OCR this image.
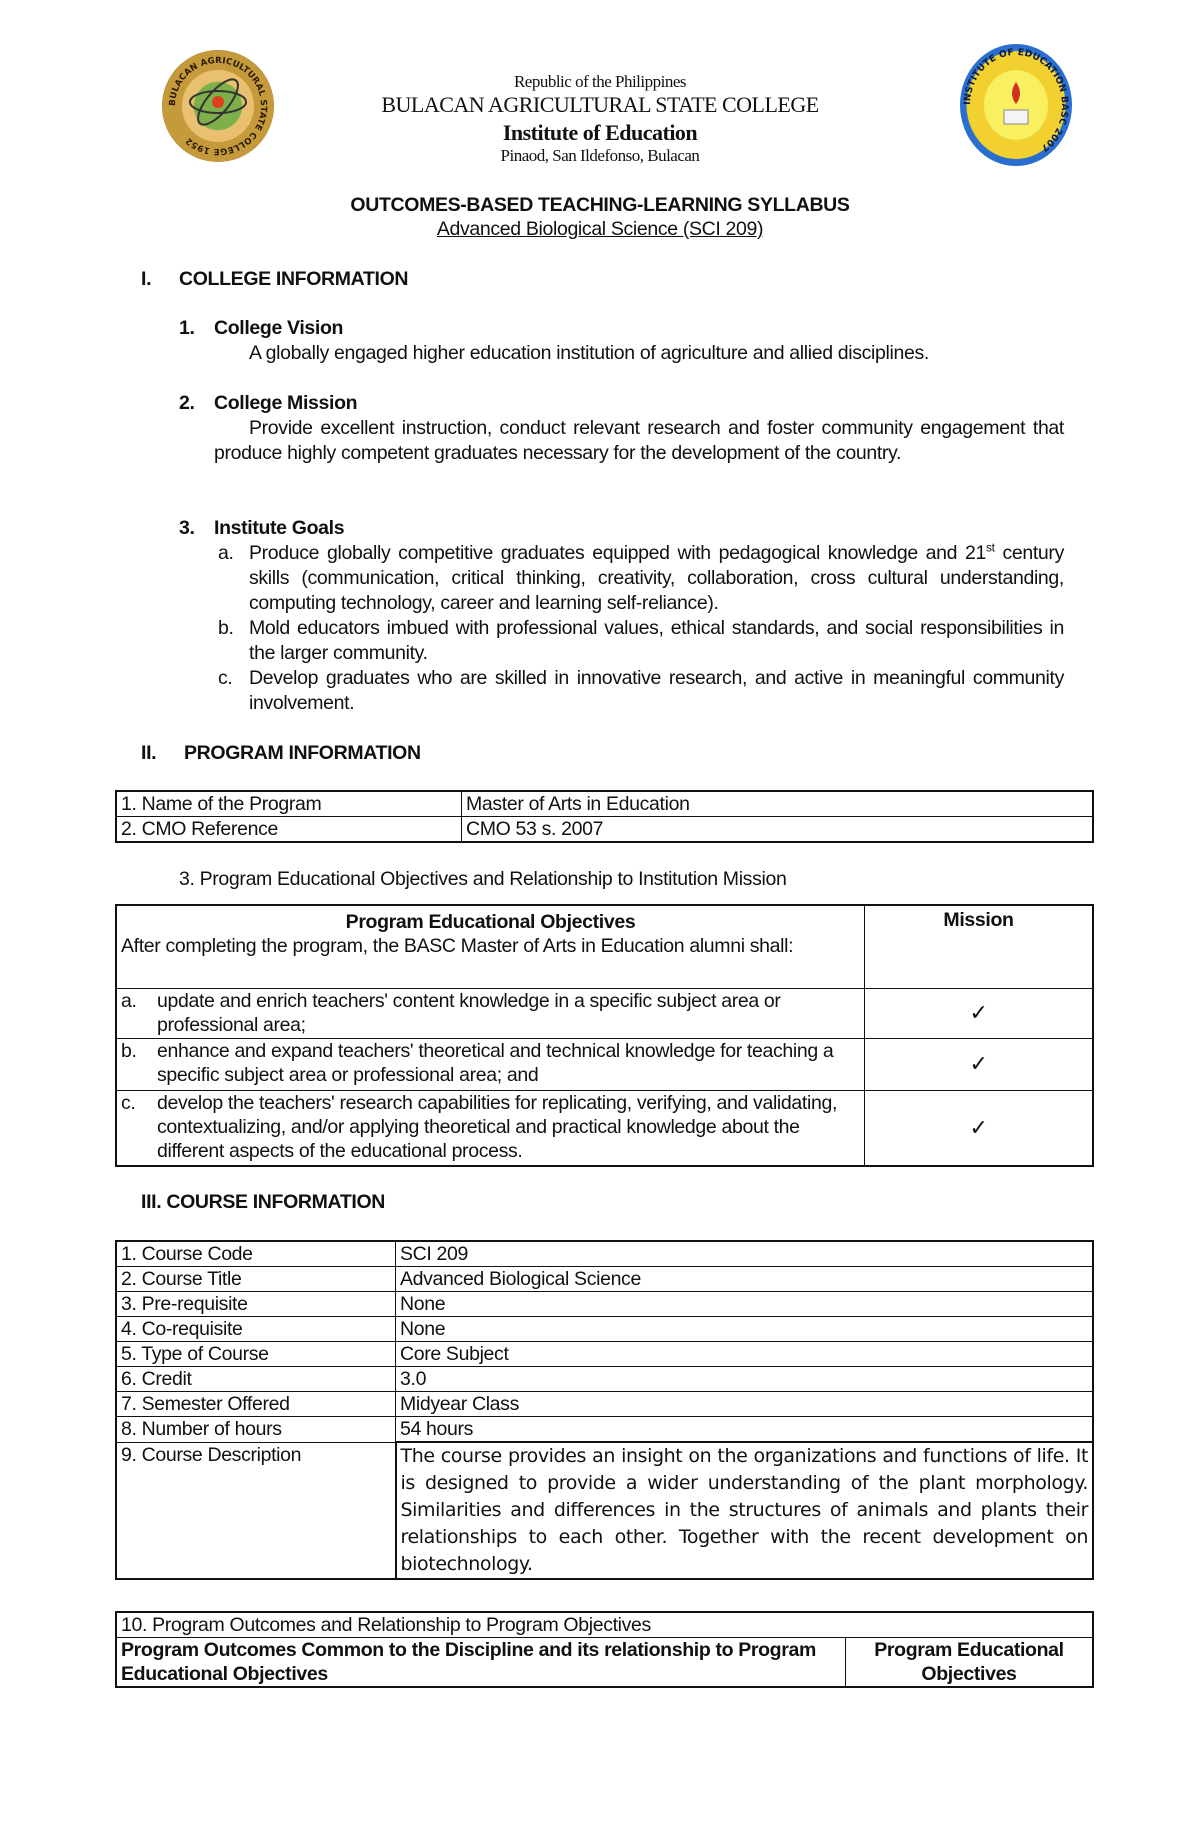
BULACAN AGRICULTURAL STATE COLLEGE 1952
INSTITUTE OF EDUCATION BASC 2007
Republic of the Philippines
BULACAN AGRICULTURAL STATE COLLEGE
Institute of Education
Pinaod, San Ildefonso, Bulacan
OUTCOMES-BASED TEACHING-LEARNING SYLLABUS
Advanced Biological Science (SCI 209)
I. COLLEGE INFORMATION
1. College Vision
A globally engaged higher education institution of agriculture and allied disciplines.
2. College Mission
Provide excellent instruction, conduct relevant research and foster community engagement that produce highly competent graduates necessary for the development of the country.
3. Institute Goals
a. Produce globally competitive graduates equipped with pedagogical knowledge and 21st century skills (communication, critical thinking, creativity, collaboration, cross cultural understanding, computing technology, career and learning self-reliance).
b. Mold educators imbued with professional values, ethical standards, and social responsibilities in the larger community.
c. Develop graduates who are skilled in innovative research, and active in meaningful community involvement.
II. PROGRAM INFORMATION
1. Name of the Program	Master of Arts in Education
2. CMO Reference	CMO 53 s. 2007
3. Program Educational Objectives and Relationship to Institution Mission
Program Educational Objectives
After completing the program, the BASC Master of Arts in Education alumni shall:	Mission

a. update and enrich teachers' content knowledge in a specific subject area or professional area;	✓

b. enhance and expand teachers' theoretical and technical knowledge for teaching a specific subject area or professional area; and	✓

c. develop the teachers' research capabilities for replicating, verifying, and validating, contextualizing, and/or applying theoretical and practical knowledge about the different aspects of the educational process.	✓
III. COURSE INFORMATION
1. Course Code	SCI 209
2. Course Title	Advanced Biological Science
3. Pre-requisite	None
4. Co-requisite	None
5. Type of Course	Core Subject
6. Credit	3.0
7. Semester Offered	Midyear Class
8. Number of hours	54 hours
9. Course Description	The course provides an insight on the organizations and functions of life. It is designed to provide a wider understanding of the plant morphology. Similarities and differences in the structures of animals and plants their relationships to each other. Together with the recent development on biotechnology.
10. Program Outcomes and Relationship to Program Objectives
Program Outcomes Common to the Discipline and its relationship to Program Educational Objectives	Program Educational Objectives
